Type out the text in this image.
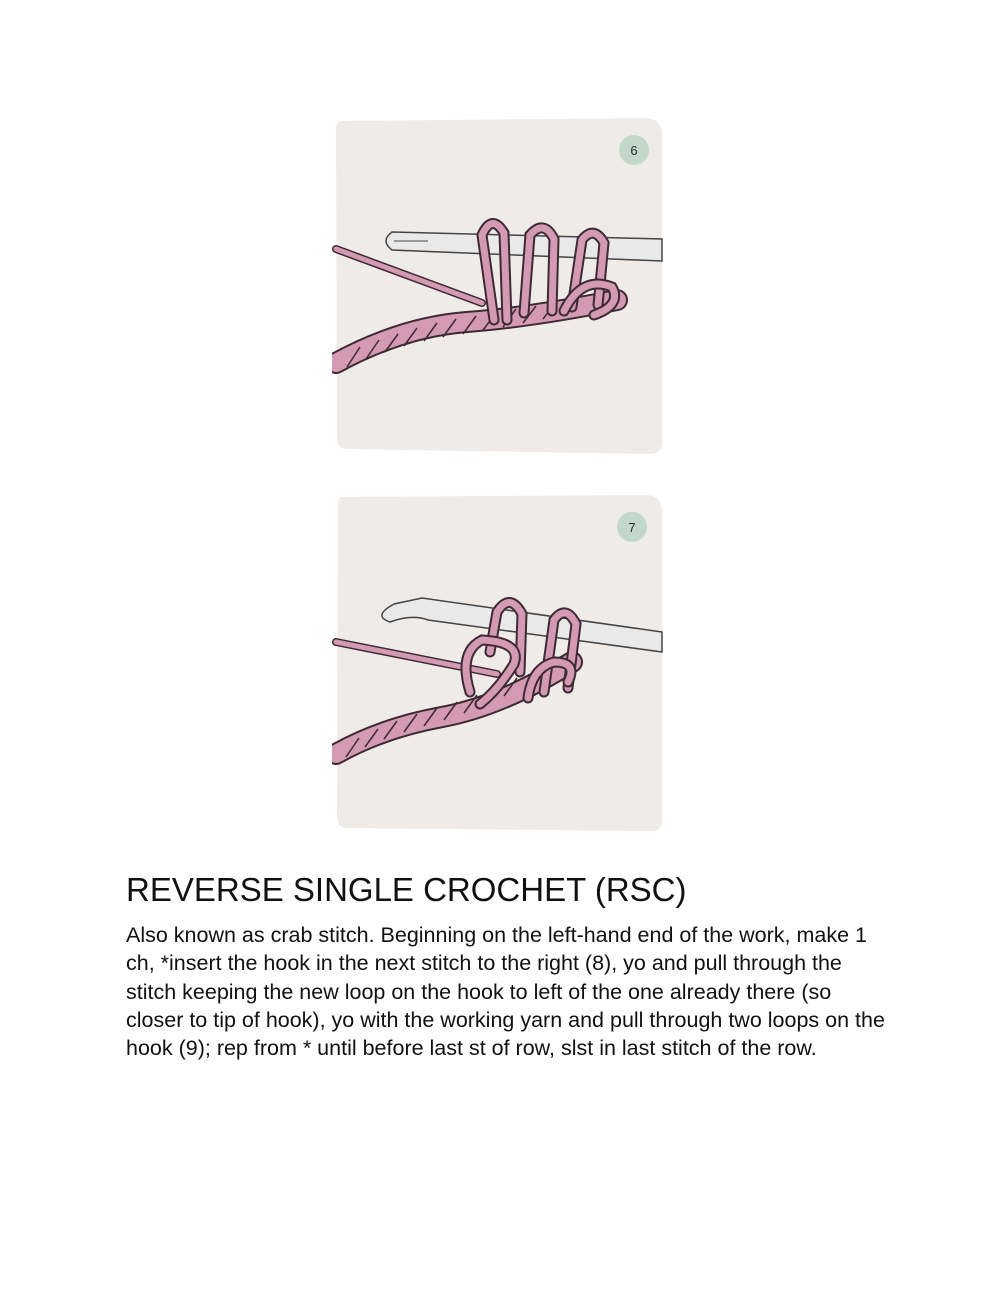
6
7
REVERSE SINGLE CROCHET (RSC)

Also known as crab stitch. Beginning on the left-hand end of the work, make 1 ch, *insert the hook in the next stitch to the right (8), yo and pull through the stitch keeping the new loop on the hook to left of the one already there (so closer to tip of hook), yo with the working yarn and pull through two loops on the hook (9); rep from * until before last st of row, slst in last stitch of the row.
